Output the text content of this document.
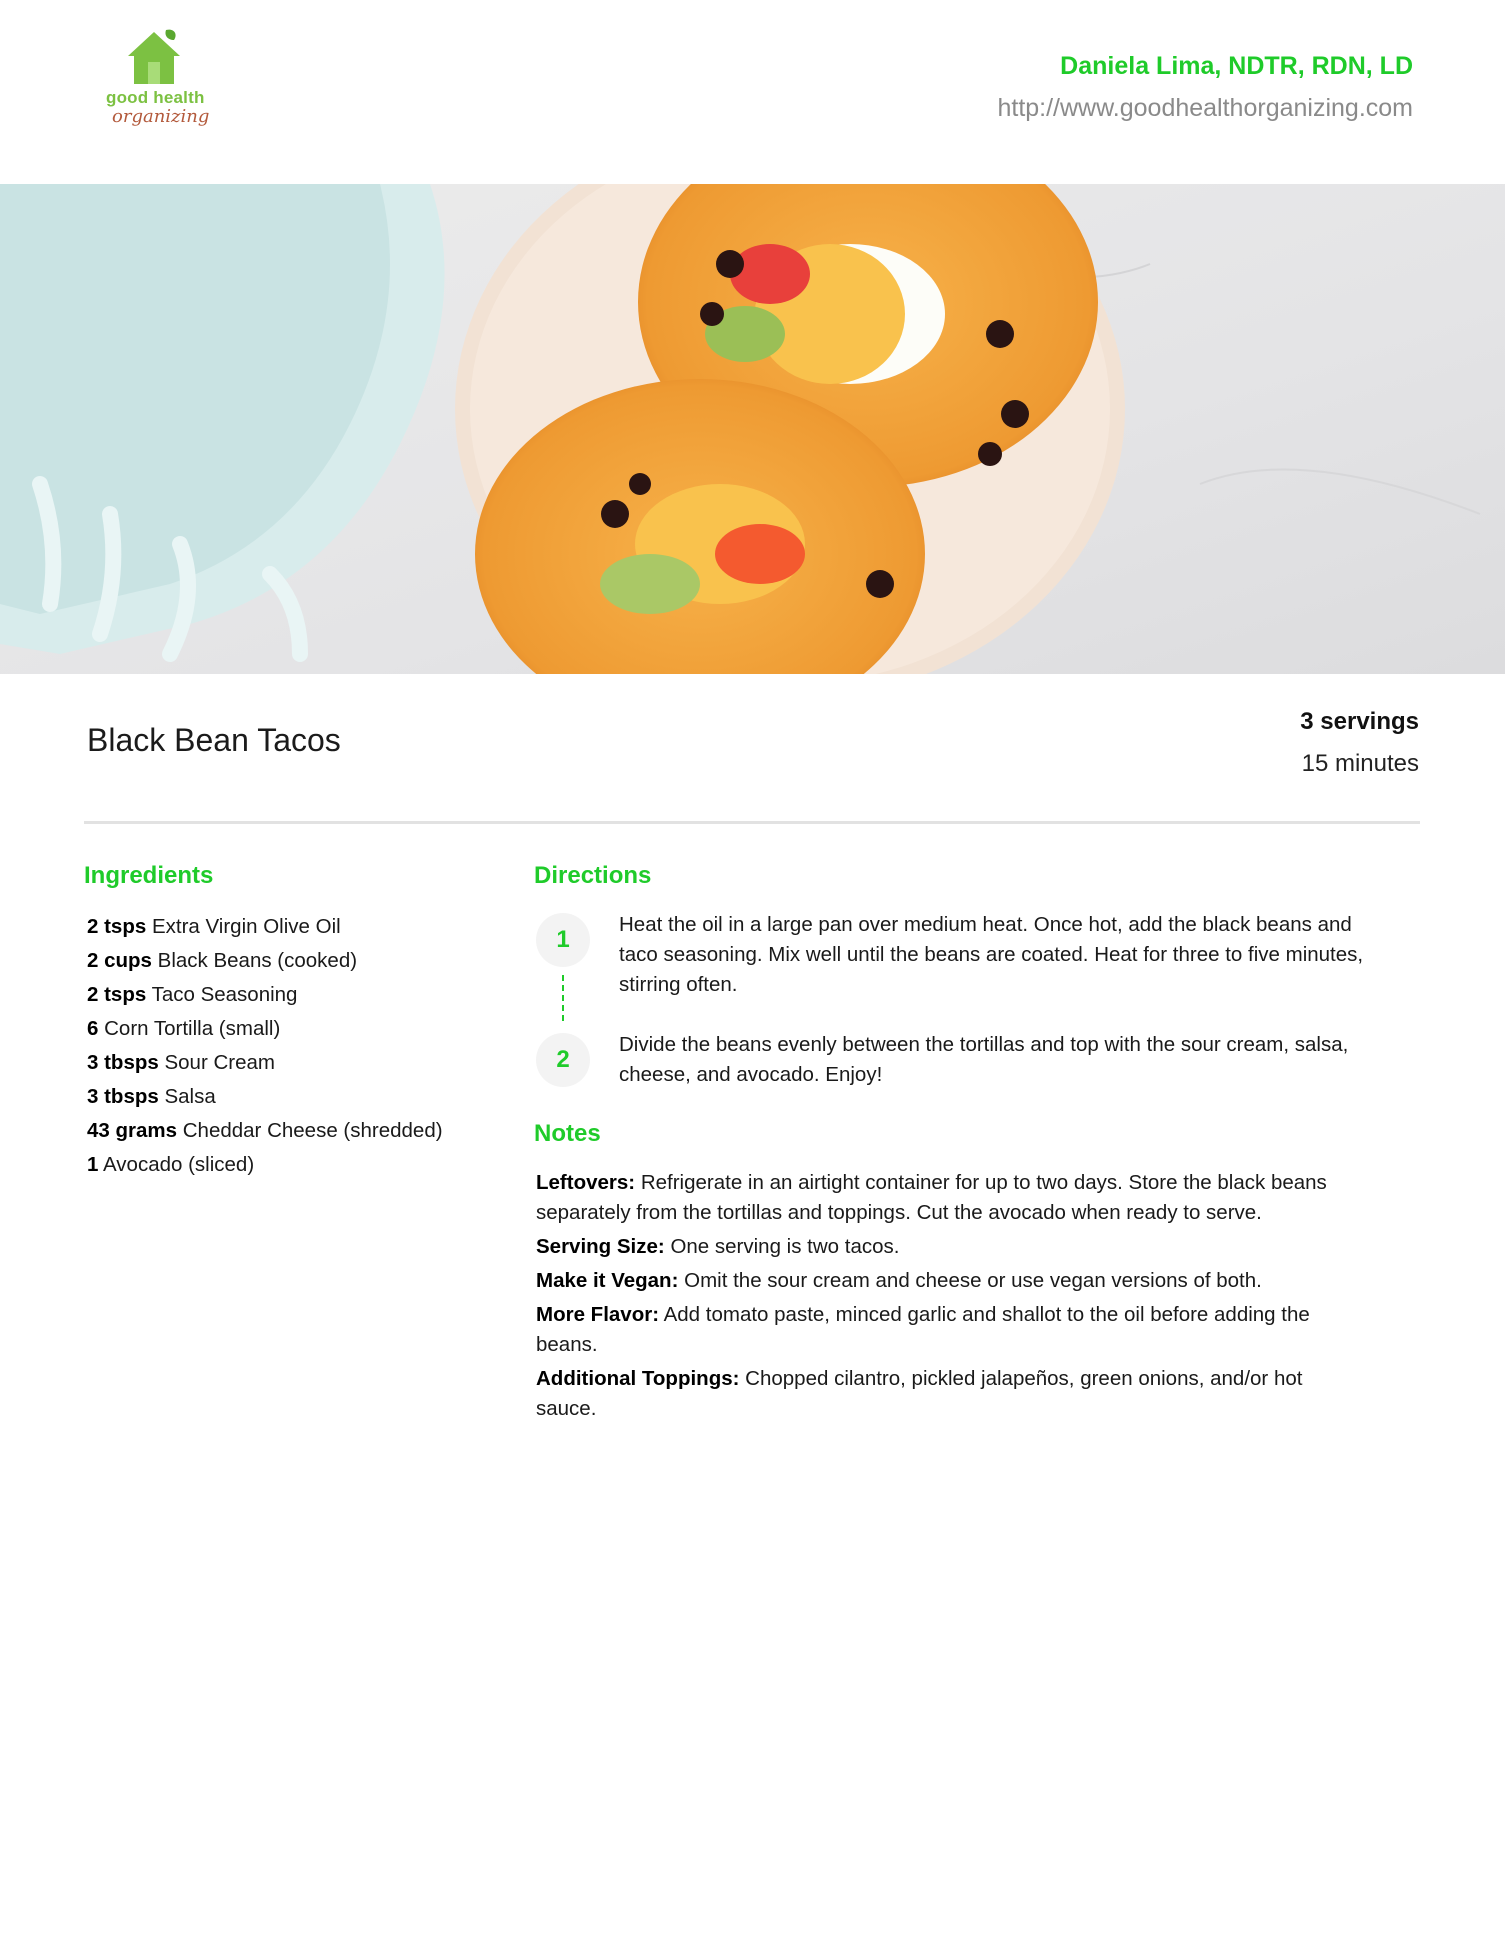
good health
organizing
Daniela Lima, NDTR, RDN, LD
http://www.goodhealthorganizing.com
Black Bean Tacos
3 servings
15 minutes
Ingredients
2 tsps Extra Virgin Olive Oil
2 cups Black Beans (cooked)
2 tsps Taco Seasoning
6 Corn Tortilla (small)
3 tbsps Sour Cream
3 tbsps Salsa
43 grams Cheddar Cheese (shredded)
1 Avocado (sliced)
Directions
1
Heat the oil in a large pan over medium heat. Once hot, add the black beans and taco seasoning. Mix well until the beans are coated. Heat for three to five minutes, stirring often.
2
Divide the beans evenly between the tortillas and top with the sour cream, salsa, cheese, and avocado. Enjoy!
Notes
Leftovers: Refrigerate in an airtight container for up to two days. Store the black beans separately from the tortillas and toppings. Cut the avocado when ready to serve.
Serving Size: One serving is two tacos.
Make it Vegan: Omit the sour cream and cheese or use vegan versions of both.
More Flavor: Add tomato paste, minced garlic and shallot to the oil before adding the beans.
Additional Toppings: Chopped cilantro, pickled jalapeños, green onions, and/or hot sauce.
